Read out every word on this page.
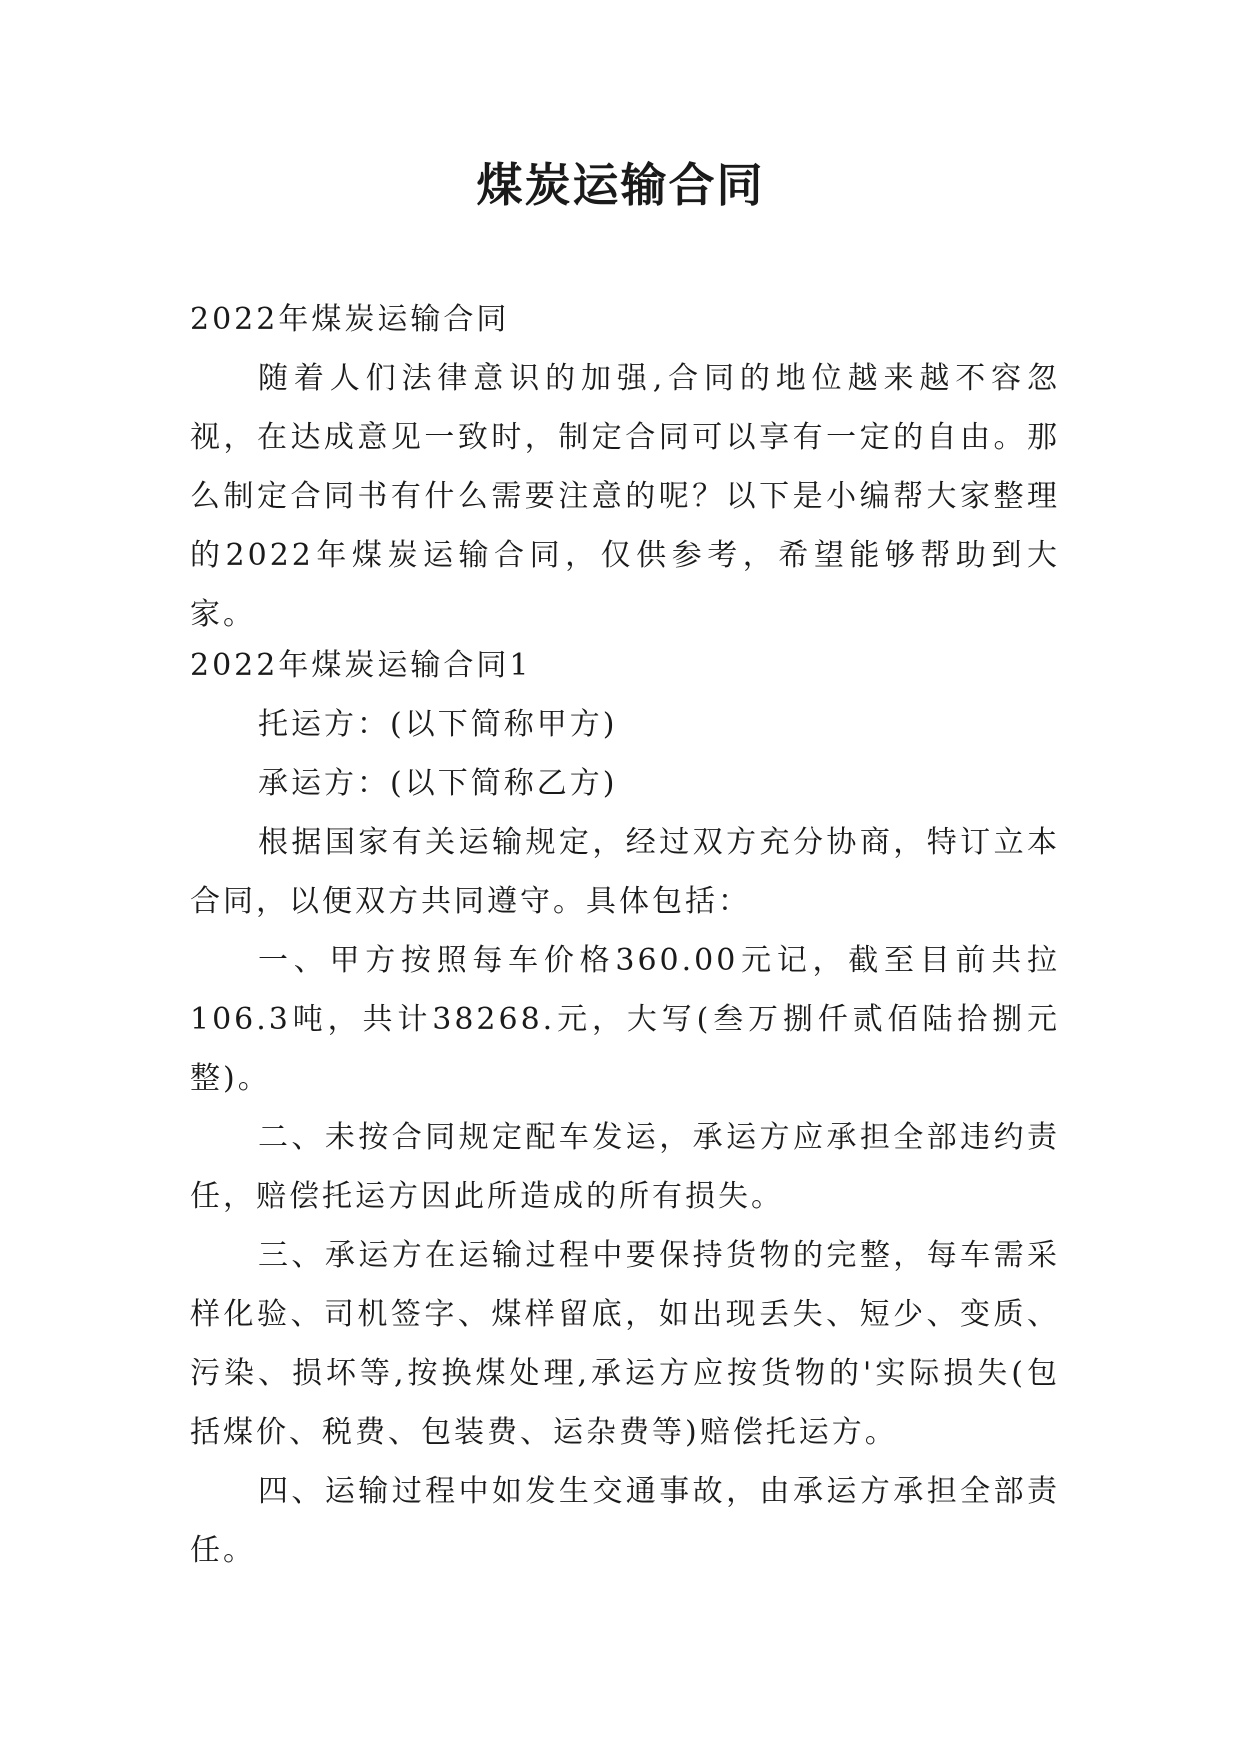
煤炭运输合同

2022年煤炭运输合同

随着人们法律意识的加强,合同的地位越来越不容忽视，在达成意见一致时，制定合同可以享有一定的自由。那么制定合同书有什么需要注意的呢？以下是小编帮大家整理的2022年煤炭运输合同，仅供参考，希望能够帮助到大家。

2022年煤炭运输合同1

托运方：(以下简称甲方)

承运方：(以下简称乙方)

根据国家有关运输规定，经过双方充分协商，特订立本合同，以便双方共同遵守。具体包括：

一、甲方按照每车价格360.00元记，截至目前共拉106.3吨，共计38268.元，大写(叁万捌仟贰佰陆拾捌元整)。

二、未按合同规定配车发运，承运方应承担全部违约责任，赔偿托运方因此所造成的所有损失。

三、承运方在运输过程中要保持货物的完整，每车需采样化验、司机签字、煤样留底，如出现丢失、短少、变质、污染、损坏等,按换煤处理,承运方应按货物的'实际损失(包括煤价、税费、包装费、运杂费等)赔偿托运方。

四、运输过程中如发生交通事故，由承运方承担全部责任。
